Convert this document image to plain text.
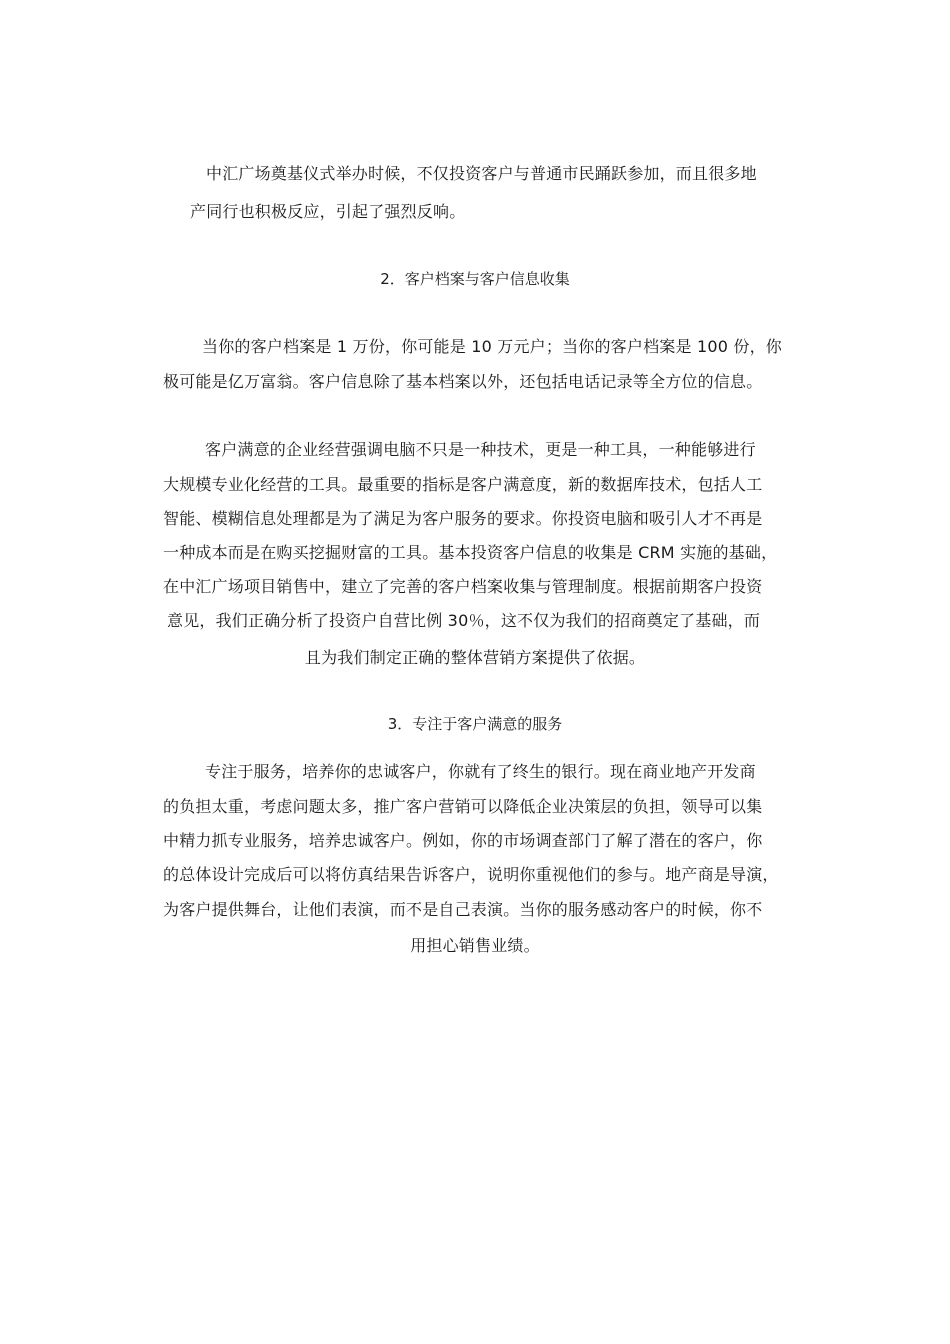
中汇广场奠基仪式举办时候，不仅投资客户与普通市民踊跃参加，而且很多地
产同行也积极反应，引起了强烈反响。
2．客户档案与客户信息收集
当你的客户档案是 1 万份，你可能是 10 万元户；当你的客户档案是 100 份，你
极可能是亿万富翁。客户信息除了基本档案以外，还包括电话记录等全方位的信息。
客户满意的企业经营强调电脑不只是一种技术，更是一种工具，一种能够进行
大规模专业化经营的工具。最重要的指标是客户满意度，新的数据库技术，包括人工
智能、模糊信息处理都是为了满足为客户服务的要求。你投资电脑和吸引人才不再是
一种成本而是在购买挖掘财富的工具。基本投资客户信息的收集是 CRM 实施的基础，
在中汇广场项目销售中，建立了完善的客户档案收集与管理制度。根据前期客户投资
意见，我们正确分析了投资户自营比例 30％，这不仅为我们的招商奠定了基础，而
且为我们制定正确的整体营销方案提供了依据。
3．专注于客户满意的服务
专注于服务，培养你的忠诚客户，你就有了终生的银行。现在商业地产开发商
的负担太重，考虑问题太多，推广客户营销可以降低企业决策层的负担，领导可以集
中精力抓专业服务，培养忠诚客户。例如，你的市场调查部门了解了潜在的客户，你
的总体设计完成后可以将仿真结果告诉客户，说明你重视他们的参与。地产商是导演，
为客户提供舞台，让他们表演，而不是自己表演。当你的服务感动客户的时候，你不
用担心销售业绩。
